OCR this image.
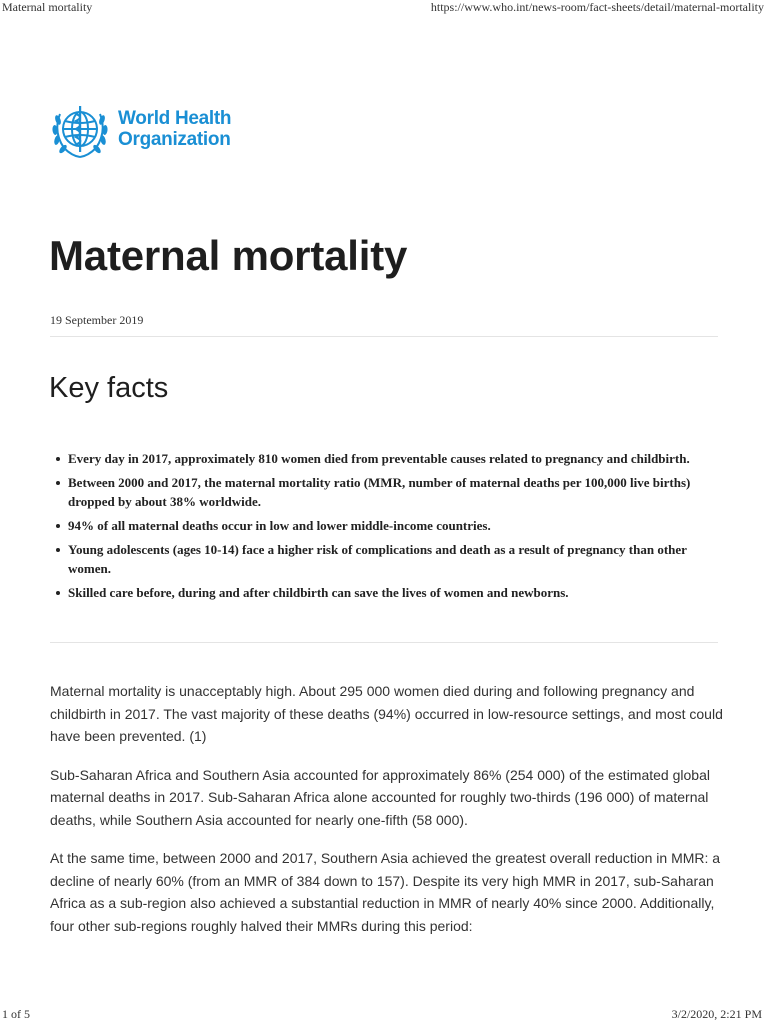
Maternal mortality	https://www.who.int/news-room/fact-sheets/detail/maternal-mortality
World Health
Organization
Maternal mortality
19 September 2019
Key facts
Every day in 2017, approximately 810 women died from preventable causes related to pregnancy and childbirth.
Between 2000 and 2017, the maternal mortality ratio (MMR, number of maternal deaths per 100,000 live births) dropped by about 38% worldwide.
94% of all maternal deaths occur in low and lower middle-income countries.
Young adolescents (ages 10-14) face a higher risk of complications and death as a result of pregnancy than other women.
Skilled care before, during and after childbirth can save the lives of women and newborns.

Maternal mortality is unacceptably high. About 295 000 women died during and following pregnancy and childbirth in 2017. The vast majority of these deaths (94%) occurred in low-resource settings, and most could have been prevented. (1)

Sub-Saharan Africa and Southern Asia accounted for approximately 86% (254 000) of the estimated global maternal deaths in 2017. Sub-Saharan Africa alone accounted for roughly two-thirds (196 000) of maternal deaths, while Southern Asia accounted for nearly one-fifth (58 000).

At the same time, between 2000 and 2017, Southern Asia achieved the greatest overall reduction in MMR: a decline of nearly 60% (from an MMR of 384 down to 157). Despite its very high MMR in 2017, sub-Saharan Africa as a sub-region also achieved a substantial reduction in MMR of nearly 40% since 2000. Additionally, four other sub-regions roughly halved their MMRs during this period:

1 of 5	3/2/2020, 2:21 PM
